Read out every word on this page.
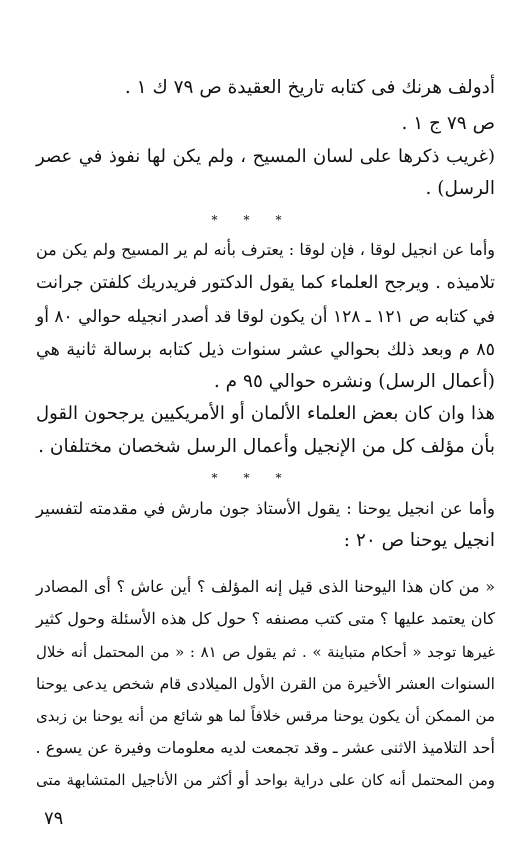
أدولف هرنك فى كتابه تاريخ العقيدة ص ٧٩ ك ١ .
ص ٧٩ ج ١ .
(غريب ذكرها على لسان المسيح ، ولم يكن لها نفوذ في عصر
الرسل) .
***
وأما عن انجيل لوقا ، فإن لوقا : يعترف بأنه لم ير المسيح ولم يكن من
تلاميذه . ويرجح العلماء كما يقول الدكتور فريدريك كلفتن جرانت
في كتابه ص ١٢١ ـ ١٢٨ أن يكون لوقا قد أصدر انجيله حوالي ٨٠ أو
٨٥ م وبعد ذلك بحوالي عشر سنوات ذيل كتابه برسالة ثانية هي
(أعمال الرسل) ونشره حوالي ٩٥ م .
هذا وان كان بعض العلماء الألمان أو الأمريكيين يرجحون القول
بأن مؤلف كل من الإنجيل وأعمال الرسل شخصان مختلفان .
***
وأما عن انجيل يوحنا : يقول الأستاذ جون مارش في مقدمته لتفسير
انجيل يوحنا ص ٢٠ :
« من كان هذا اليوحنا الذى قيل إنه المؤلف ؟ أين عاش ؟ أى المصادر
كان يعتمد عليها ؟ متى كتب مصنفه ؟ حول كل هذه الأسئلة وحول كثير
غيرها توجد « أحكام متباينة » . ثم يقول ص ٨١ : « من المحتمل أنه خلال
السنوات العشر الأخيرة من القرن الأول الميلادى قام شخص يدعى يوحنا
من الممكن أن يكون يوحنا مرقس خلافاً لما هو شائع من أنه يوحنا بن زبدى
أحد التلاميذ الاثنى عشر ـ وقد تجمعت لديه معلومات وفيرة عن يسوع .
ومن المحتمل أنه كان على دراية بواحد أو أكثر من الأناجيل المتشابهة متى
٧٩
